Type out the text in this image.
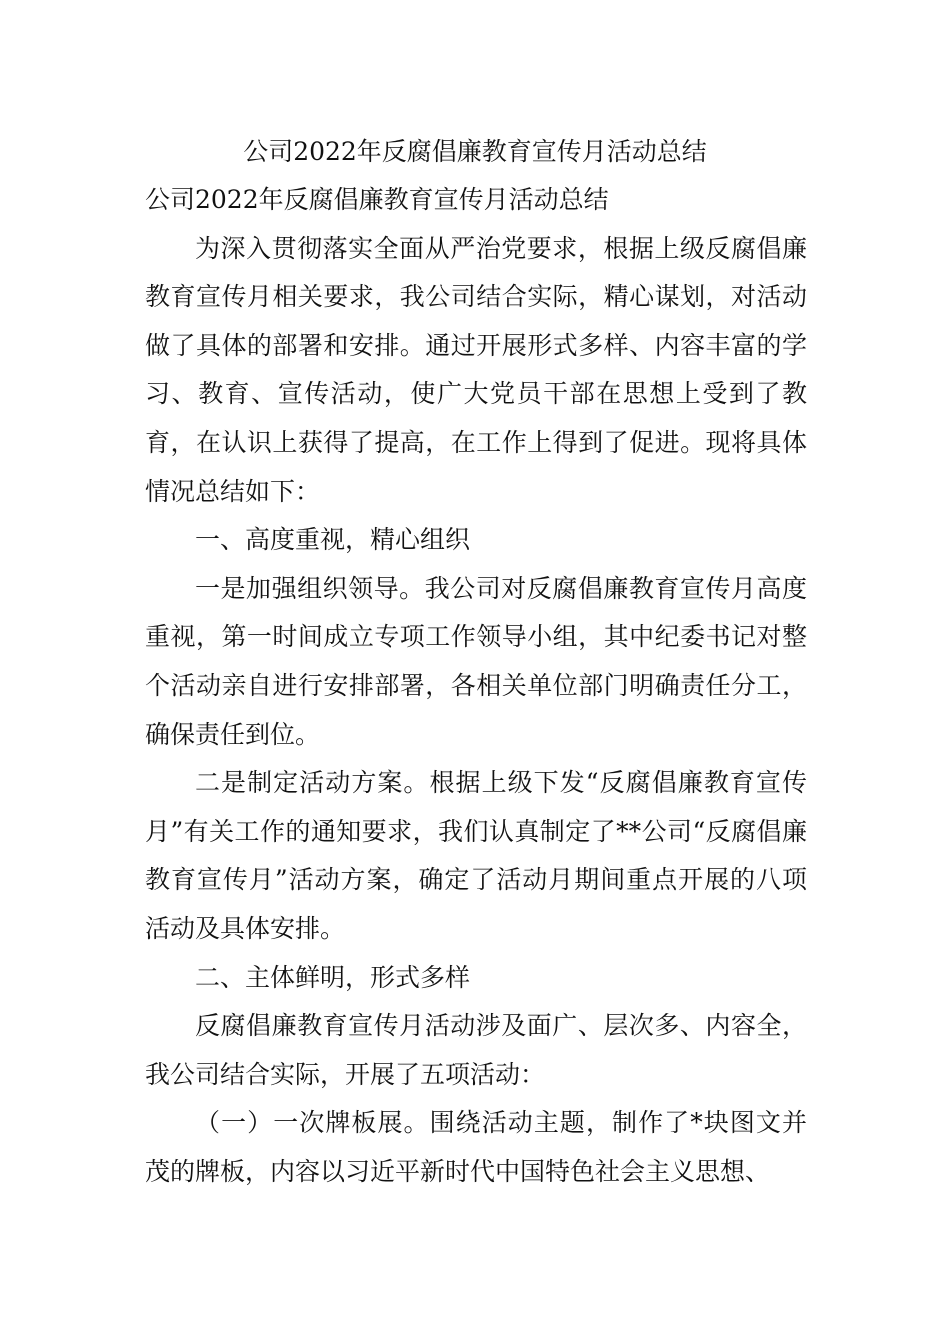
公司2022年反腐倡廉教育宣传月活动总结

公司2022年反腐倡廉教育宣传月活动总结

为深入贯彻落实全面从严治党要求，根据上级反腐倡廉教育宣传月相关要求，我公司结合实际，精心谋划，对活动做了具体的部署和安排。通过开展形式多样、内容丰富的学习、教育、宣传活动，使广大党员干部在思想上受到了教育，在认识上获得了提高，在工作上得到了促进。现将具体情况总结如下：

一、高度重视，精心组织

一是加强组织领导。我公司对反腐倡廉教育宣传月高度重视，第一时间成立专项工作领导小组，其中纪委书记对整个活动亲自进行安排部署，各相关单位部门明确责任分工，确保责任到位。

二是制定活动方案。根据上级下发“反腐倡廉教育宣传月”有关工作的通知要求，我们认真制定了**公司“反腐倡廉教育宣传月”活动方案，确定了活动月期间重点开展的八项活动及具体安排。

二、主体鲜明，形式多样

反腐倡廉教育宣传月活动涉及面广、层次多、内容全，我公司结合实际，开展了五项活动：

（一）一次牌板展。围绕活动主题，制作了*块图文并茂的牌板，内容以习近平新时代中国特色社会主义思想、
